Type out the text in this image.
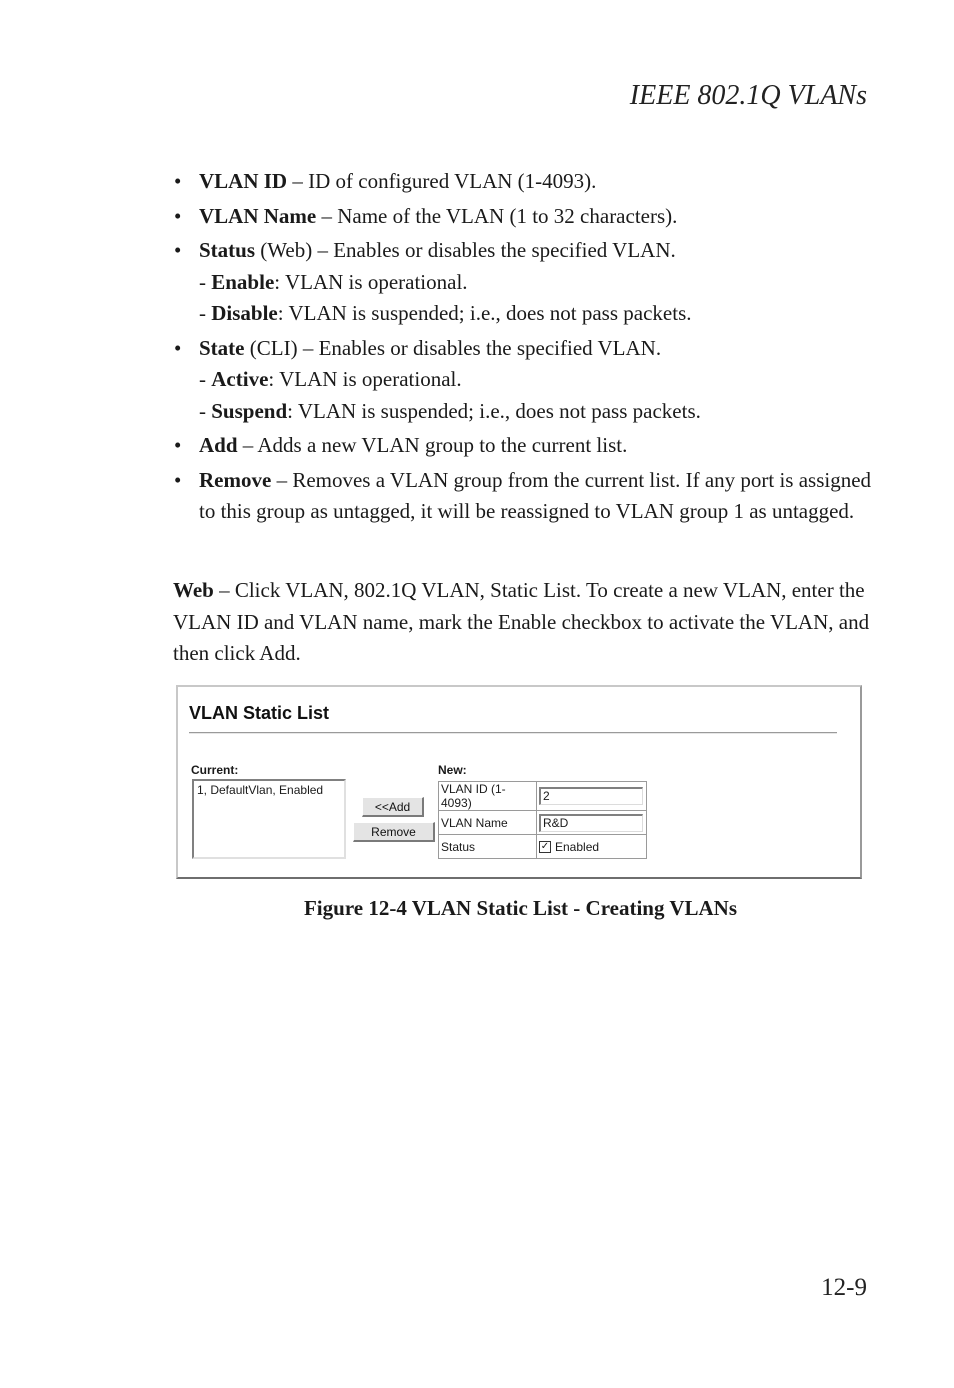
IEEE 802.1Q VLANs
• VLAN ID – ID of configured VLAN (1-4093).
• VLAN Name – Name of the VLAN (1 to 32 characters).
• Status (Web) – Enables or disables the specified VLAN.
- Enable: VLAN is operational.
- Disable: VLAN is suspended; i.e., does not pass packets.
• State (CLI) – Enables or disables the specified VLAN.
- Active: VLAN is operational.
- Suspend: VLAN is suspended; i.e., does not pass packets.
• Add – Adds a new VLAN group to the current list.
• Remove – Removes a VLAN group from the current list. If any port is assigned to this group as untagged, it will be reassigned to VLAN group 1 as untagged.
Web – Click VLAN, 802.1Q VLAN, Static List. To create a new VLAN, enter the VLAN ID and VLAN name, mark the Enable checkbox to activate the VLAN, and then click Add.
VLAN Static List
Current:
1, DefaultVlan, Enabled
<<Add
Remove
New:
VLAN ID (1-4093)	2

VLAN Name	R&D

Status	✓ Enabled
Figure 12-4 VLAN Static List - Creating VLANs
12-9
